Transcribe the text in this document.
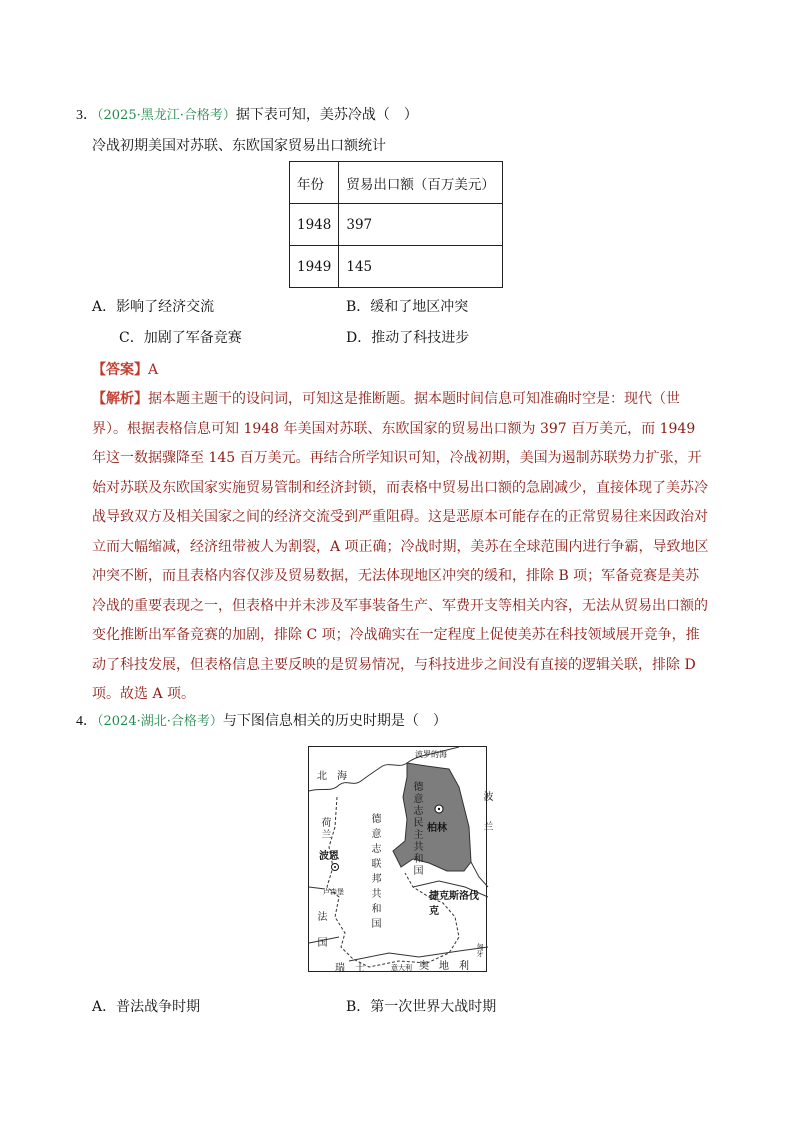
3．（2025·黑龙江·合格考）据下表可知，美苏冷战（　）
冷战初期美国对苏联、东欧国家贸易出口额统计
年份	贸易出口额（百万美元）
1948	397
1949	145
A．影响了经济交流	B．缓和了地区冲突
C．加剧了军备竞赛	D．推动了科技进步
【答案】A
【解析】据本题主题干的设问词，可知这是推断题。据本题时间信息可知准确时空是：现代（世界）。根据表格信息可知 1948 年美国对苏联、东欧国家的贸易出口额为 397 百万美元，而 1949 年这一数据骤降至 145 百万美元。再结合所学知识可知，冷战初期，美国为遏制苏联势力扩张，开始对苏联及东欧国家实施贸易管制和经济封锁，而表格中贸易出口额的急剧减少，直接体现了美苏冷战导致双方及相关国家之间的经济交流受到严重阻碍。这是恶原本可能存在的正常贸易往来因政治对立而大幅缩减，经济纽带被人为割裂，A 项正确；冷战时期，美苏在全球范围内进行争霸，导致地区冲突不断，而且表格内容仅涉及贸易数据，无法体现地区冲突的缓和，排除 B 项；军备竞赛是美苏冷战的重要表现之一，但表格中并未涉及军事装备生产、军费开支等相关内容，无法从贸易出口额的变化推断出军备竞赛的加剧，排除 C 项；冷战确实在一定程度上促使美苏在科技领域展开竞争，推动了科技发展，但表格信息主要反映的是贸易情况，与科技进步之间没有直接的逻辑关联，排除 D 项。故选 A 项。
4．（2024·湖北·合格考）与下图信息相关的历史时期是（　）
北　海
波罗的海
荷兰	德意志民主共和国 柏林	波兰
德意志联邦共和国
波恩
卢森堡	捷克斯洛伐克
法国
奥　地　利
瑞　士	意大利
匈牙
A．普法战争时期	B．第一次世界大战时期
